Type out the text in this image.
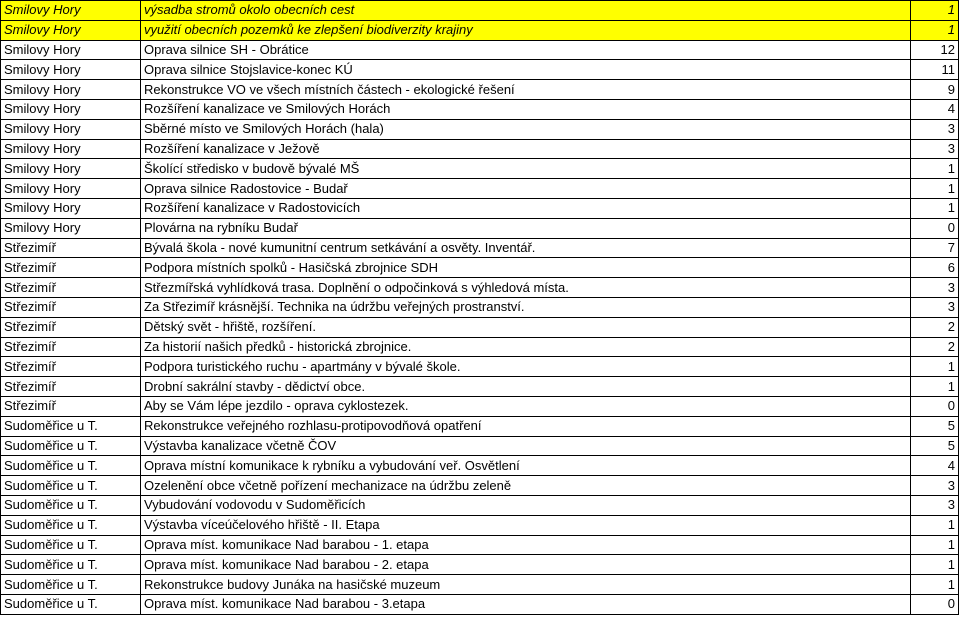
Smilovy Hory	výsadba stromů okolo obecních cest	1
Smilovy Hory	využití obecních pozemků ke zlepšení biodiverzity krajiny	1
Smilovy Hory	Oprava silnice SH - Obrátice	12
Smilovy Hory	Oprava silnice Stojslavice-konec KÚ	11
Smilovy Hory	Rekonstrukce VO ve všech místních částech - ekologické řešení	9
Smilovy Hory	Rozšíření kanalizace ve Smilových Horách	4
Smilovy Hory	Sběrné místo ve Smilových Horách (hala)	3
Smilovy Hory	Rozšíření kanalizace v Ježově	3
Smilovy Hory	Školící středisko v budově bývalé MŠ	1
Smilovy Hory	Oprava silnice Radostovice - Budař	1
Smilovy Hory	Rozšíření kanalizace v Radostovicích	1
Smilovy Hory	Plovárna na rybníku Budař	0
Střezimíř	Bývalá škola - nové kumunitní centrum setkávání a osvěty. Inventář.	7
Střezimíř	Podpora místních spolků - Hasičská zbrojnice SDH	6
Střezimíř	Střezmířská vyhlídková trasa. Doplnění o odpočinková s výhledová místa.	3
Střezimíř	Za Střezimíř krásnější. Technika na údržbu veřejných prostranství.	3
Střezimíř	Dětský svět - hřiště, rozšíření.	2
Střezimíř	Za historií našich předků - historická zbrojnice.	2
Střezimíř	Podpora turistického ruchu - apartmány v bývalé škole.	1
Střezimíř	Drobní sakrální stavby - dědictví obce.	1
Střezimíř	Aby se Vám lépe jezdilo - oprava cyklostezek.	0
Sudoměřice u T.	Rekonstrukce veřejného rozhlasu-protipovodňová opatření	5
Sudoměřice u T.	Výstavba kanalizace včetně ČOV	5
Sudoměřice u T.	Oprava místní komunikace k rybníku a vybudování veř. Osvětlení	4
Sudoměřice u T.	Ozelenění obce včetně pořízení mechanizace na údržbu zeleně	3
Sudoměřice u T.	Vybudování vodovodu v Sudoměřicích	3
Sudoměřice u T.	Výstavba víceúčelového hřiště - II. Etapa	1
Sudoměřice u T.	Oprava míst. komunikace Nad barabou - 1. etapa	1
Sudoměřice u T.	Oprava míst. komunikace Nad barabou - 2. etapa	1
Sudoměřice u T.	Rekonstrukce budovy Junáka na hasičské muzeum	1
Sudoměřice u T.	Oprava míst. komunikace Nad barabou - 3.etapa	0
